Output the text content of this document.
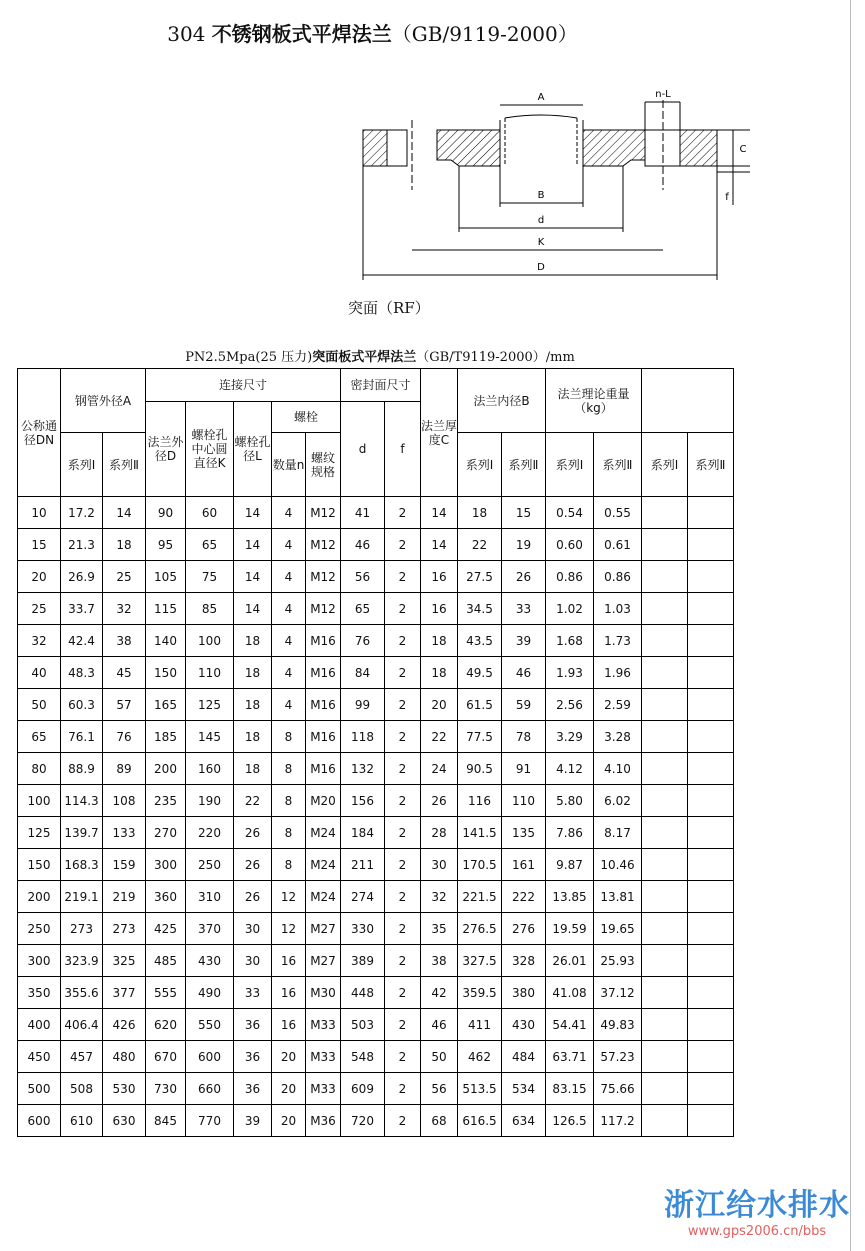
304 不锈钢板式平焊法兰（GB/9119-2000）
A	n-L
B
d
K
D
C
f
突面（RF）
PN2.5Mpa(25 压力)突面板式平焊法兰（GB/T9119-2000）/mm
公称通径DN	钢管外径A		连接尺寸					密封面尺寸		法兰厚度C	法兰内径B		法兰理论重量（kg）			
			法兰外径D	螺栓孔中心圆直径K	螺栓孔径L	螺栓		d	f							
	系列Ⅰ	系列Ⅱ				数量n	螺纹规格				系列Ⅰ	系列Ⅱ	系列Ⅰ	系列Ⅱ	系列Ⅰ	系列Ⅱ
10	17.2	14	90	60	14	4	M12	41	2	14	18	15	0.54	0.55		
15	21.3	18	95	65	14	4	M12	46	2	14	22	19	0.60	0.61		
20	26.9	25	105	75	14	4	M12	56	2	16	27.5	26	0.86	0.86		
25	33.7	32	115	85	14	4	M12	65	2	16	34.5	33	1.02	1.03		
32	42.4	38	140	100	18	4	M16	76	2	18	43.5	39	1.68	1.73		
40	48.3	45	150	110	18	4	M16	84	2	18	49.5	46	1.93	1.96		
50	60.3	57	165	125	18	4	M16	99	2	20	61.5	59	2.56	2.59		
65	76.1	76	185	145	18	8	M16	118	2	22	77.5	78	3.29	3.28		
80	88.9	89	200	160	18	8	M16	132	2	24	90.5	91	4.12	4.10		
100	114.3	108	235	190	22	8	M20	156	2	26	116	110	5.80	6.02		
125	139.7	133	270	220	26	8	M24	184	2	28	141.5	135	7.86	8.17		
150	168.3	159	300	250	26	8	M24	211	2	30	170.5	161	9.87	10.46		
200	219.1	219	360	310	26	12	M24	274	2	32	221.5	222	13.85	13.81		
250	273	273	425	370	30	12	M27	330	2	35	276.5	276	19.59	19.65		
300	323.9	325	485	430	30	16	M27	389	2	38	327.5	328	26.01	25.93		
350	355.6	377	555	490	33	16	M30	448	2	42	359.5	380	41.08	37.12		
400	406.4	426	620	550	36	16	M33	503	2	46	411	430	54.41	49.83		
450	457	480	670	600	36	20	M33	548	2	50	462	484	63.71	57.23		
500	508	530	730	660	36	20	M33	609	2	56	513.5	534	83.15	75.66		
600	610	630	845	770	39	20	M36	720	2	68	616.5	634	126.5	117.2		
浙江给水排水
www.gps2006.cn/bbs
